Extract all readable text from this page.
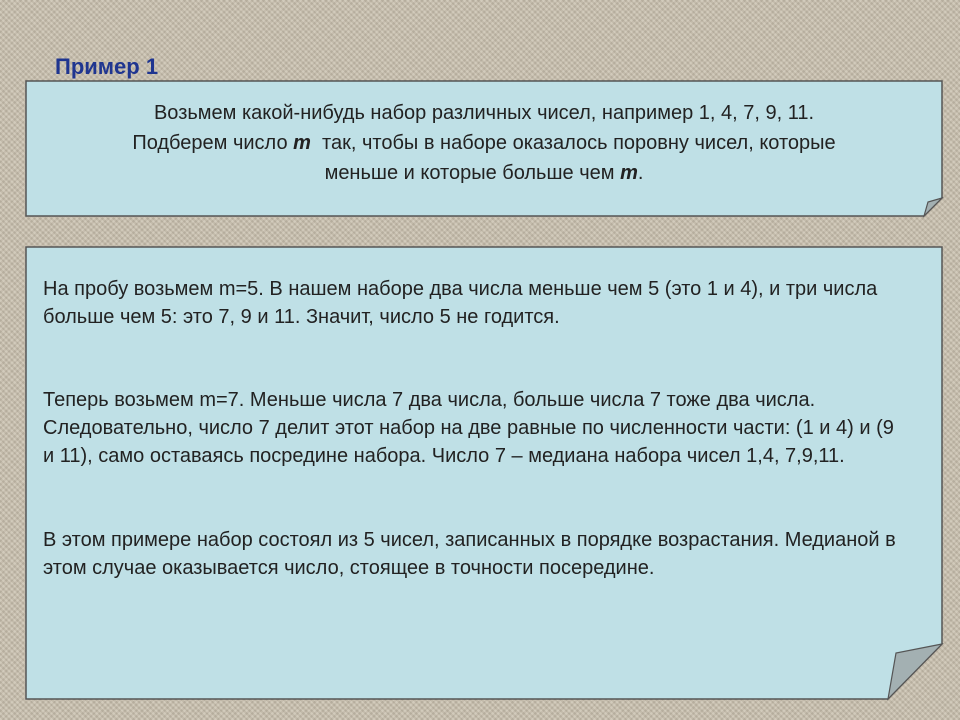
Пример 1
Возьмем какой-нибудь набор различных чисел, например 1, 4, 7, 9, 11.
Подберем число m  так, чтобы в наборе оказалось поровну чисел, которые
меньше и которые больше чем m.

На пробу возьмем m=5. В нашем наборе два числа меньше чем 5 (это 1 и 4), и три числа больше чем 5: это 7, 9 и 11. Значит, число 5 не годится.

Теперь возьмем m=7. Меньше числа 7 два числа, больше числа 7 тоже два числа. Следовательно, число 7 делит этот набор на две равные по численности части: (1 и 4) и (9 и 11), само оставаясь посредине набора. Число 7 – медиана набора чисел 1,4, 7,9,11.

В этом примере набор состоял из 5 чисел, записанных в порядке возрастания. Медианой в этом случае оказывается число, стоящее в точности посередине.
